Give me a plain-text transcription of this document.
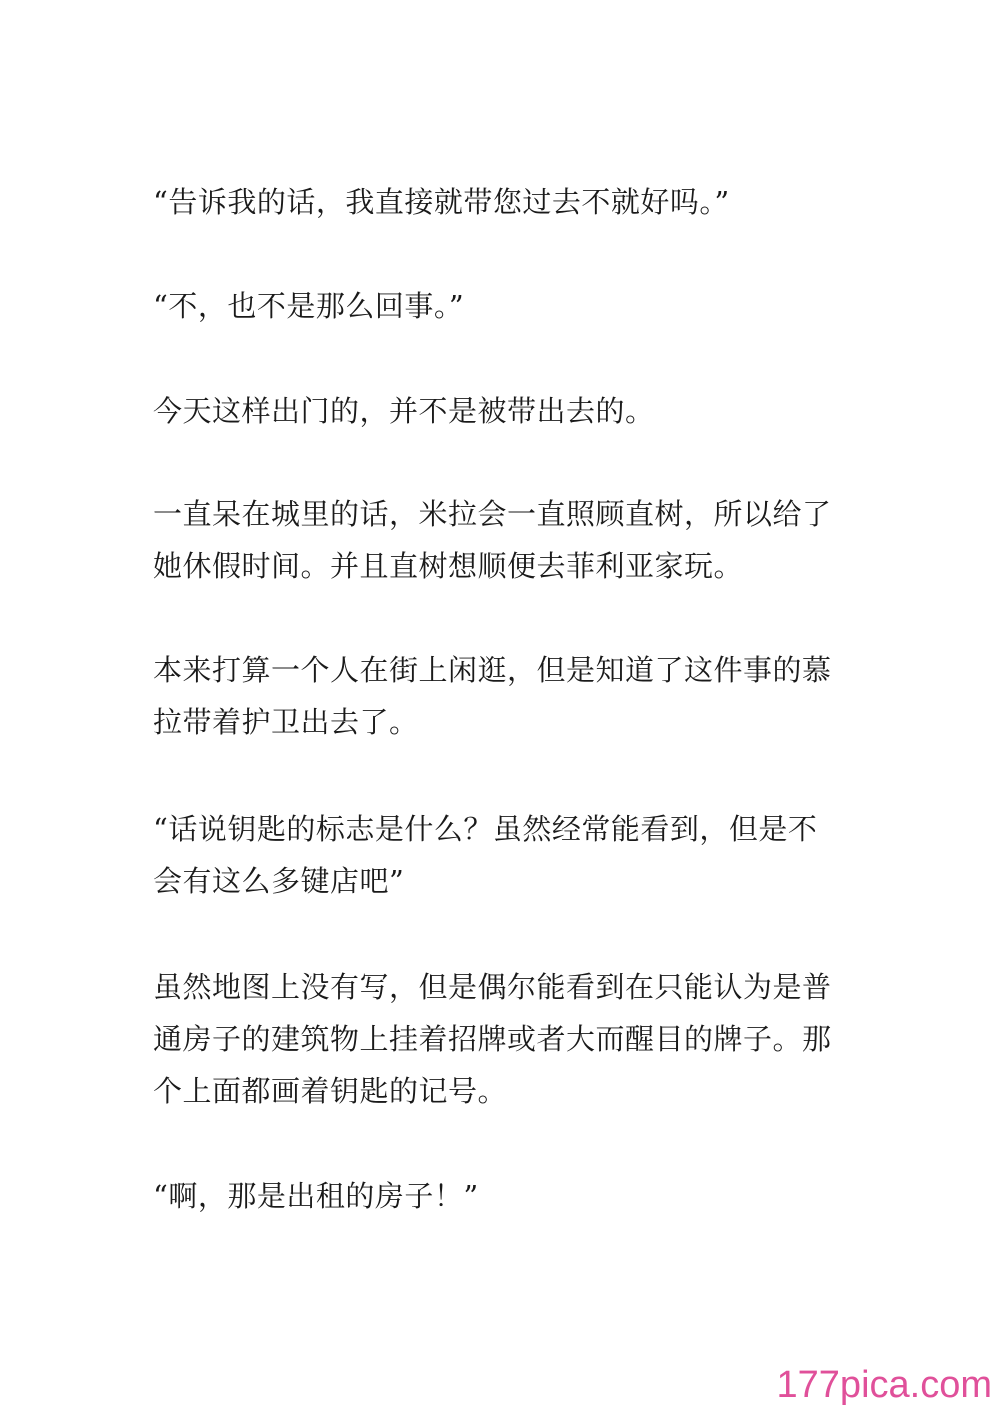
“告诉我的话，我直接就带您过去不就好吗。”

“不，也不是那么回事。”

今天这样出门的，并不是被带出去的。

一直呆在城里的话，米拉会一直照顾直树，所以给了
她休假时间。并且直树想顺便去菲利亚家玩。

本来打算一个人在街上闲逛，但是知道了这件事的慕
拉带着护卫出去了。

“话说钥匙的标志是什么？虽然经常能看到，但是不
会有这么多键店吧”

虽然地图上没有写，但是偶尔能看到在只能认为是普
通房子的建筑物上挂着招牌或者大而醒目的牌子。那
个上面都画着钥匙的记号。

“啊，那是出租的房子！”

177pica.com
